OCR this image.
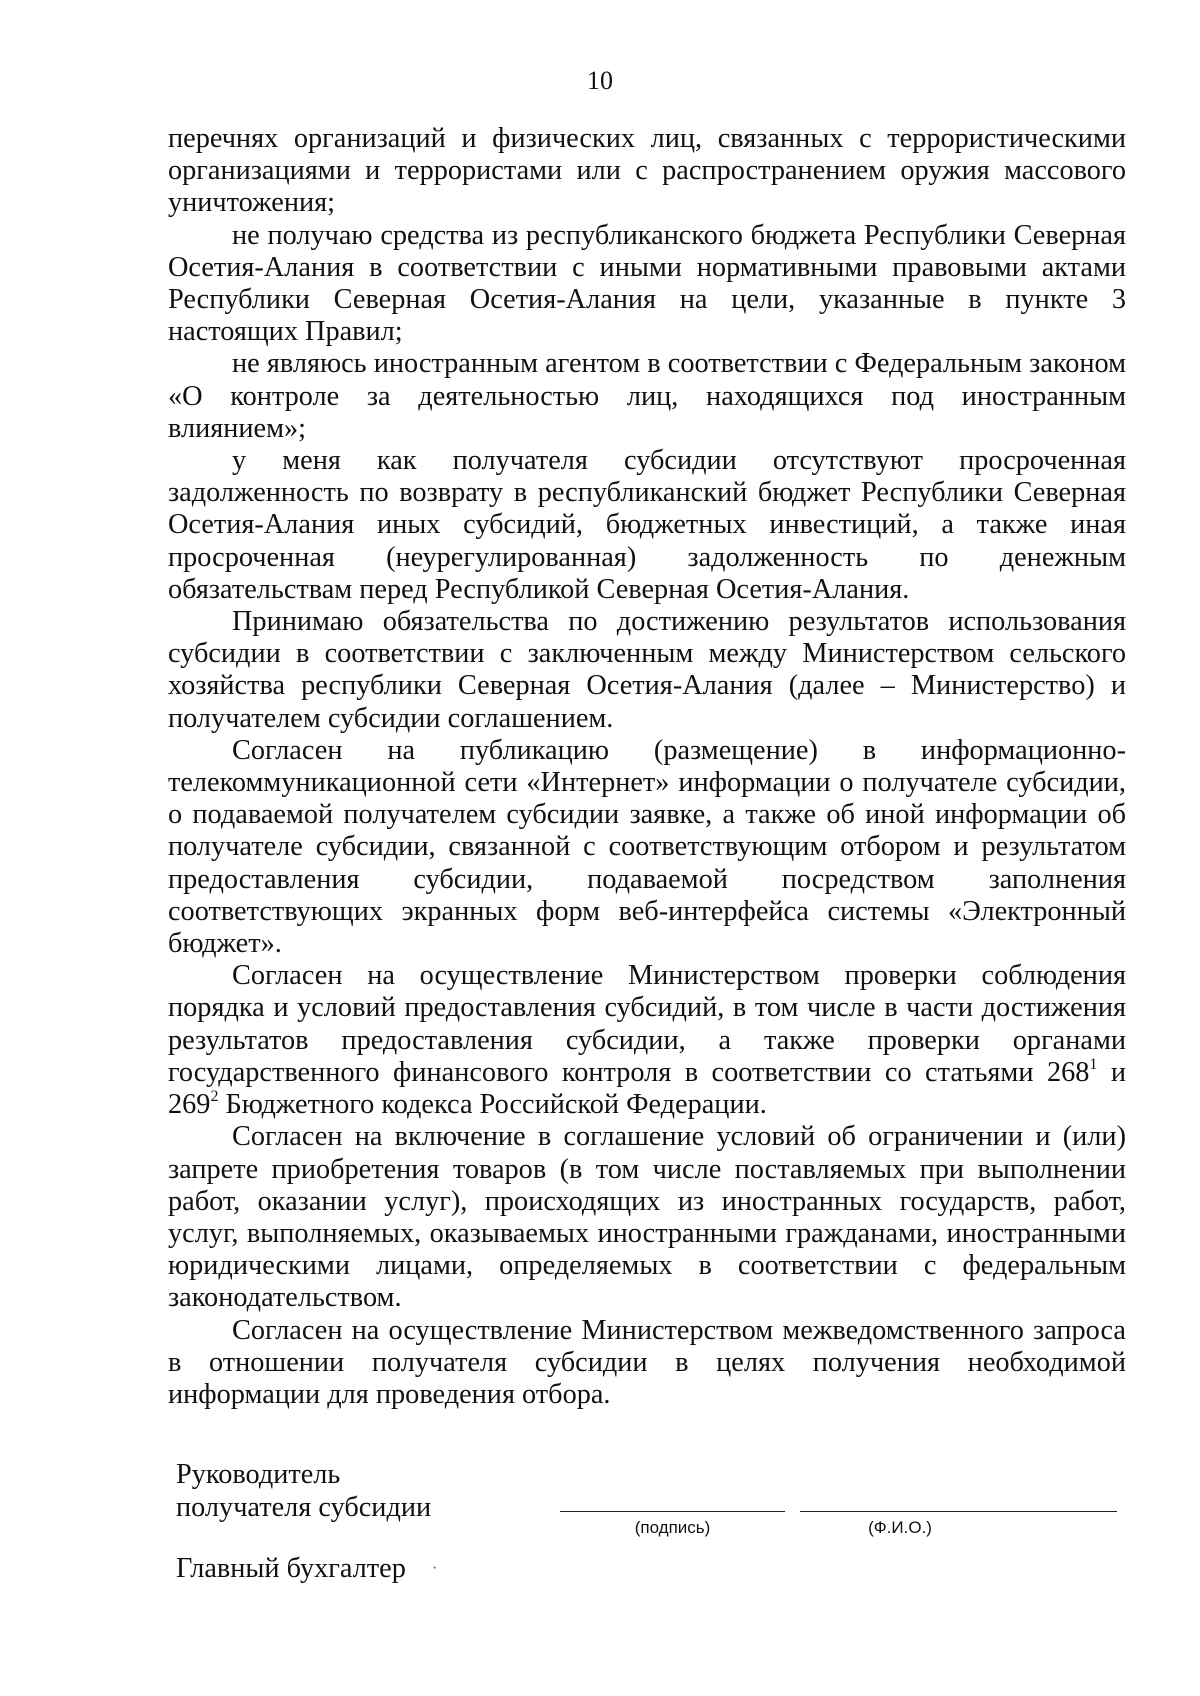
10

перечнях организаций и физических лиц, связанных с террористическими организациями и террористами или с распространением оружия массового уничтожения;

не получаю средства из республиканского бюджета Республики Северная Осетия-Алания в соответствии с иными нормативными правовыми актами Республики Северная Осетия-Алания на цели, указанные в пункте 3 настоящих Правил;

не являюсь иностранным агентом в соответствии с Федеральным законом «О контроле за деятельностью лиц, находящихся под иностранным влиянием»;

у меня как получателя субсидии отсутствуют просроченная задолженность по возврату в республиканский бюджет Республики Северная Осетия-Алания иных субсидий, бюджетных инвестиций, а также иная просроченная (неурегулированная) задолженность по денежным обязательствам перед Республикой Северная Осетия-Алания.

Принимаю обязательства по достижению результатов использования субсидии в соответствии с заключенным между Министерством сельского хозяйства республики Северная Осетия-Алания (далее – Министерство) и получателем субсидии соглашением.

Согласен на публикацию (размещение) в информационно-телекоммуникационной сети «Интернет» информации о получателе субсидии, о подаваемой получателем субсидии заявке, а также об иной информации об получателе субсидии, связанной с соответствующим отбором и результатом предоставления субсидии, подаваемой посредством заполнения соответствующих экранных форм веб-интерфейса системы «Электронный бюджет».

Согласен на осуществление Министерством проверки соблюдения порядка и условий предоставления субсидий, в том числе в части достижения результатов предоставления субсидии, а также проверки органами государственного финансового контроля в соответствии со статьями $268^1$ и $269^2$ Бюджетного кодекса Российской Федерации.

Согласен на включение в соглашение условий об ограничении и (или) запрете приобретения товаров (в том числе поставляемых при выполнении работ, оказании услуг), происходящих из иностранных государств, работ, услуг, выполняемых, оказываемых иностранными гражданами, иностранными юридическими лицами, определяемых в соответствии с федеральным законодательством.

Согласен на осуществление Министерством межведомственного запроса в отношении получателя субсидии в целях получения необходимой информации для проведения отбора.

Руководитель
получателя субсидии
(подпись)	(Ф.И.О.)
Главный бухгалтер ·
